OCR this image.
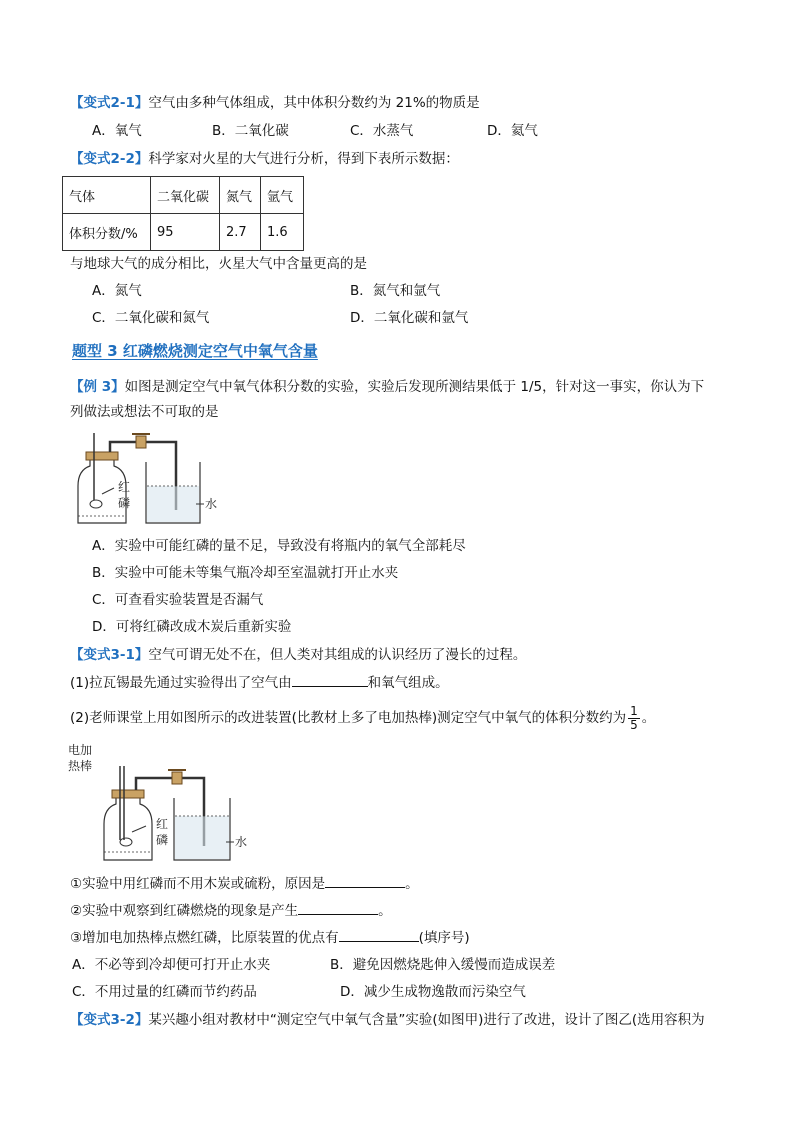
【变式2-1】空气由多种气体组成，其中体积分数约为 21%的物质是
A．氧气	B．二氧化碳	C．水蒸气	D．氦气
【变式2-2】科学家对火星的大气进行分析，得到下表所示数据：
气体	二氧化碳	氮气	氩气
体积分数/%	95	2.7	1.6
与地球大气的成分相比，火星大气中含量更高的是
A．氮气	B．氮气和氩气
C．二氧化碳和氮气	D．二氧化碳和氩气
题型 3 红磷燃烧测定空气中氧气含量
【例 3】如图是测定空气中氧气体积分数的实验，实验后发现所测结果低于 1/5，针对这一事实，你认为下
列做法或想法不可取的是
红
磷	水
A．实验中可能红磷的量不足，导致没有将瓶内的氧气全部耗尽
B．实验中可能未等集气瓶冷却至室温就打开止水夹
C．可查看实验装置是否漏气
D．可将红磷改成木炭后重新实验
【变式3-1】空气可谓无处不在，但人类对其组成的认识经历了漫长的过程。
(1)拉瓦锡最先通过实验得出了空气由	和氧气组成。
(2)老师课堂上用如图所示的改进装置(比教材上多了电加热棒)测定空气中氧气的体积分数约为 $\frac{1}{5}$ 。
电加
热棒
红
磷	水
①实验中用红磷而不用木炭或硫粉，原因是	。
②实验中观察到红磷燃烧的现象是产生	。
③增加电加热棒点燃红磷，比原装置的优点有	(填序号)
A．不必等到冷却便可打开止水夹	B．避免因燃烧匙伸入缓慢而造成误差
C．不用过量的红磷而节约药品	D．减少生成物逸散而污染空气
【变式3-2】某兴趣小组对教材中“测定空气中氧气含量”实验(如图甲)进行了改进，设计了图乙(选用容积为
